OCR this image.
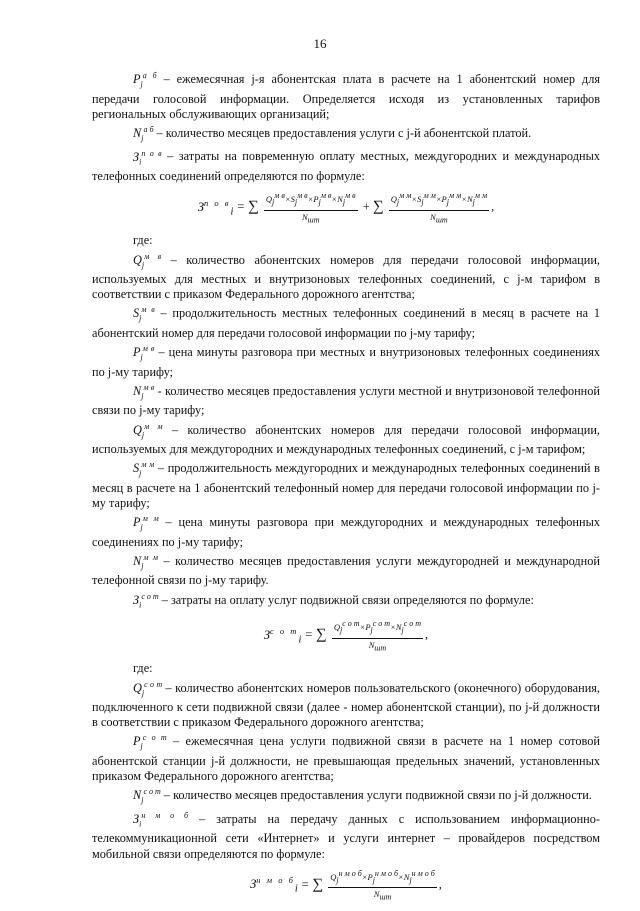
16

$P_j^{а б}$ – ежемесячная j-я абонентская плата в расчете на 1 абонентский номер для передачи голосовой информации. Определяется исходя из установленных тарифов региональных обслуживающих организаций;

$N_j^{а б}$ – количество месяцев предоставления услуги с j-й абонентской платой.

$З_i^{п о в}$ – затраты на повременную оплату местных, междугородних и международных телефонных соединений определяются по формуле:

$З^{п о в}_i$ = ∑ $\frac{Q_j^{м в}\times S_j^{м в}\times P_j^{м в}\times N_j^{м в}}{N_{шт}}$ + ∑ $\frac{Q_j^{м м}\times S_j^{м м}\times P_j^{м м}\times N_j^{м м}}{N_{шт}}$ ,

где:

$Q_j^{м в}$ – количество абонентских номеров для передачи голосовой информации, используемых для местных и внутризоновых телефонных соединений, с j-м тарифом в соответствии с приказом Федерального дорожного агентства;

$S_j^{м в}$ – продолжительность местных телефонных соединений в месяц в расчете на 1 абонентский номер для передачи голосовой информации по j-му тарифу;

$P_j^{м в}$ – цена минуты разговора при местных и внутризоновых телефонных соединениях по j-му тарифу;

$N_j^{м в}$ - количество месяцев предоставления услуги местной и внутризоновой телефонной связи по j-му тарифу;

$Q_j^{м м}$ – количество абонентских номеров для передачи голосовой информации, используемых для междугородних и международных телефонных соединений, с j-м тарифом;

$S_j^{м м}$ – продолжительность междугородних и международных телефонных соединений в месяц в расчете на 1 абонентский телефонный номер для передачи голосовой информации по j-му тарифу;

$P_j^{м м}$ – цена минуты разговора при междугородних и международных телефонных соединениях по j-му тарифу;

$N_j^{м м}$ – количество месяцев предоставления услуги междугородней и международной телефонной связи по j-му тарифу.

$З_i^{с о т}$ – затраты на оплату услуг подвижной связи определяются по формуле:

$З^{с о т}_i$ = ∑ $\frac{Q_j^{с о т}\times P_j^{с о т}\times N_j^{с о т}}{N_{шт}}$ ,

где:

$Q_j^{с о т}$ – количество абонентских номеров пользовательского (оконечного) оборудования, подключенного к сети подвижной связи (далее - номер абонентской станции), по j-й должности в соответствии с приказом Федерального дорожного агентства;

$P_j^{с о т}$ – ежемесячная цена услуги подвижной связи в расчете на 1 номер сотовой абонентской станции j-й должности, не превышающая предельных значений, установленных приказом Федерального дорожного агентства;

$N_j^{с о т}$ – количество месяцев предоставления услуги подвижной связи по j-й должности.

$З_i^{н м о б}$ – затраты на передачу данных с использованием информационно-телекоммуникационной сети «Интернет» и услуги интернет – провайдеров посредством мобильной связи определяются по формуле:

$З^{н м о б}_i$ = ∑ $\frac{Q_j^{н м о б}\times P_j^{н м о б}\times N_j^{н м о б}}{N_{шт}}$ ,
